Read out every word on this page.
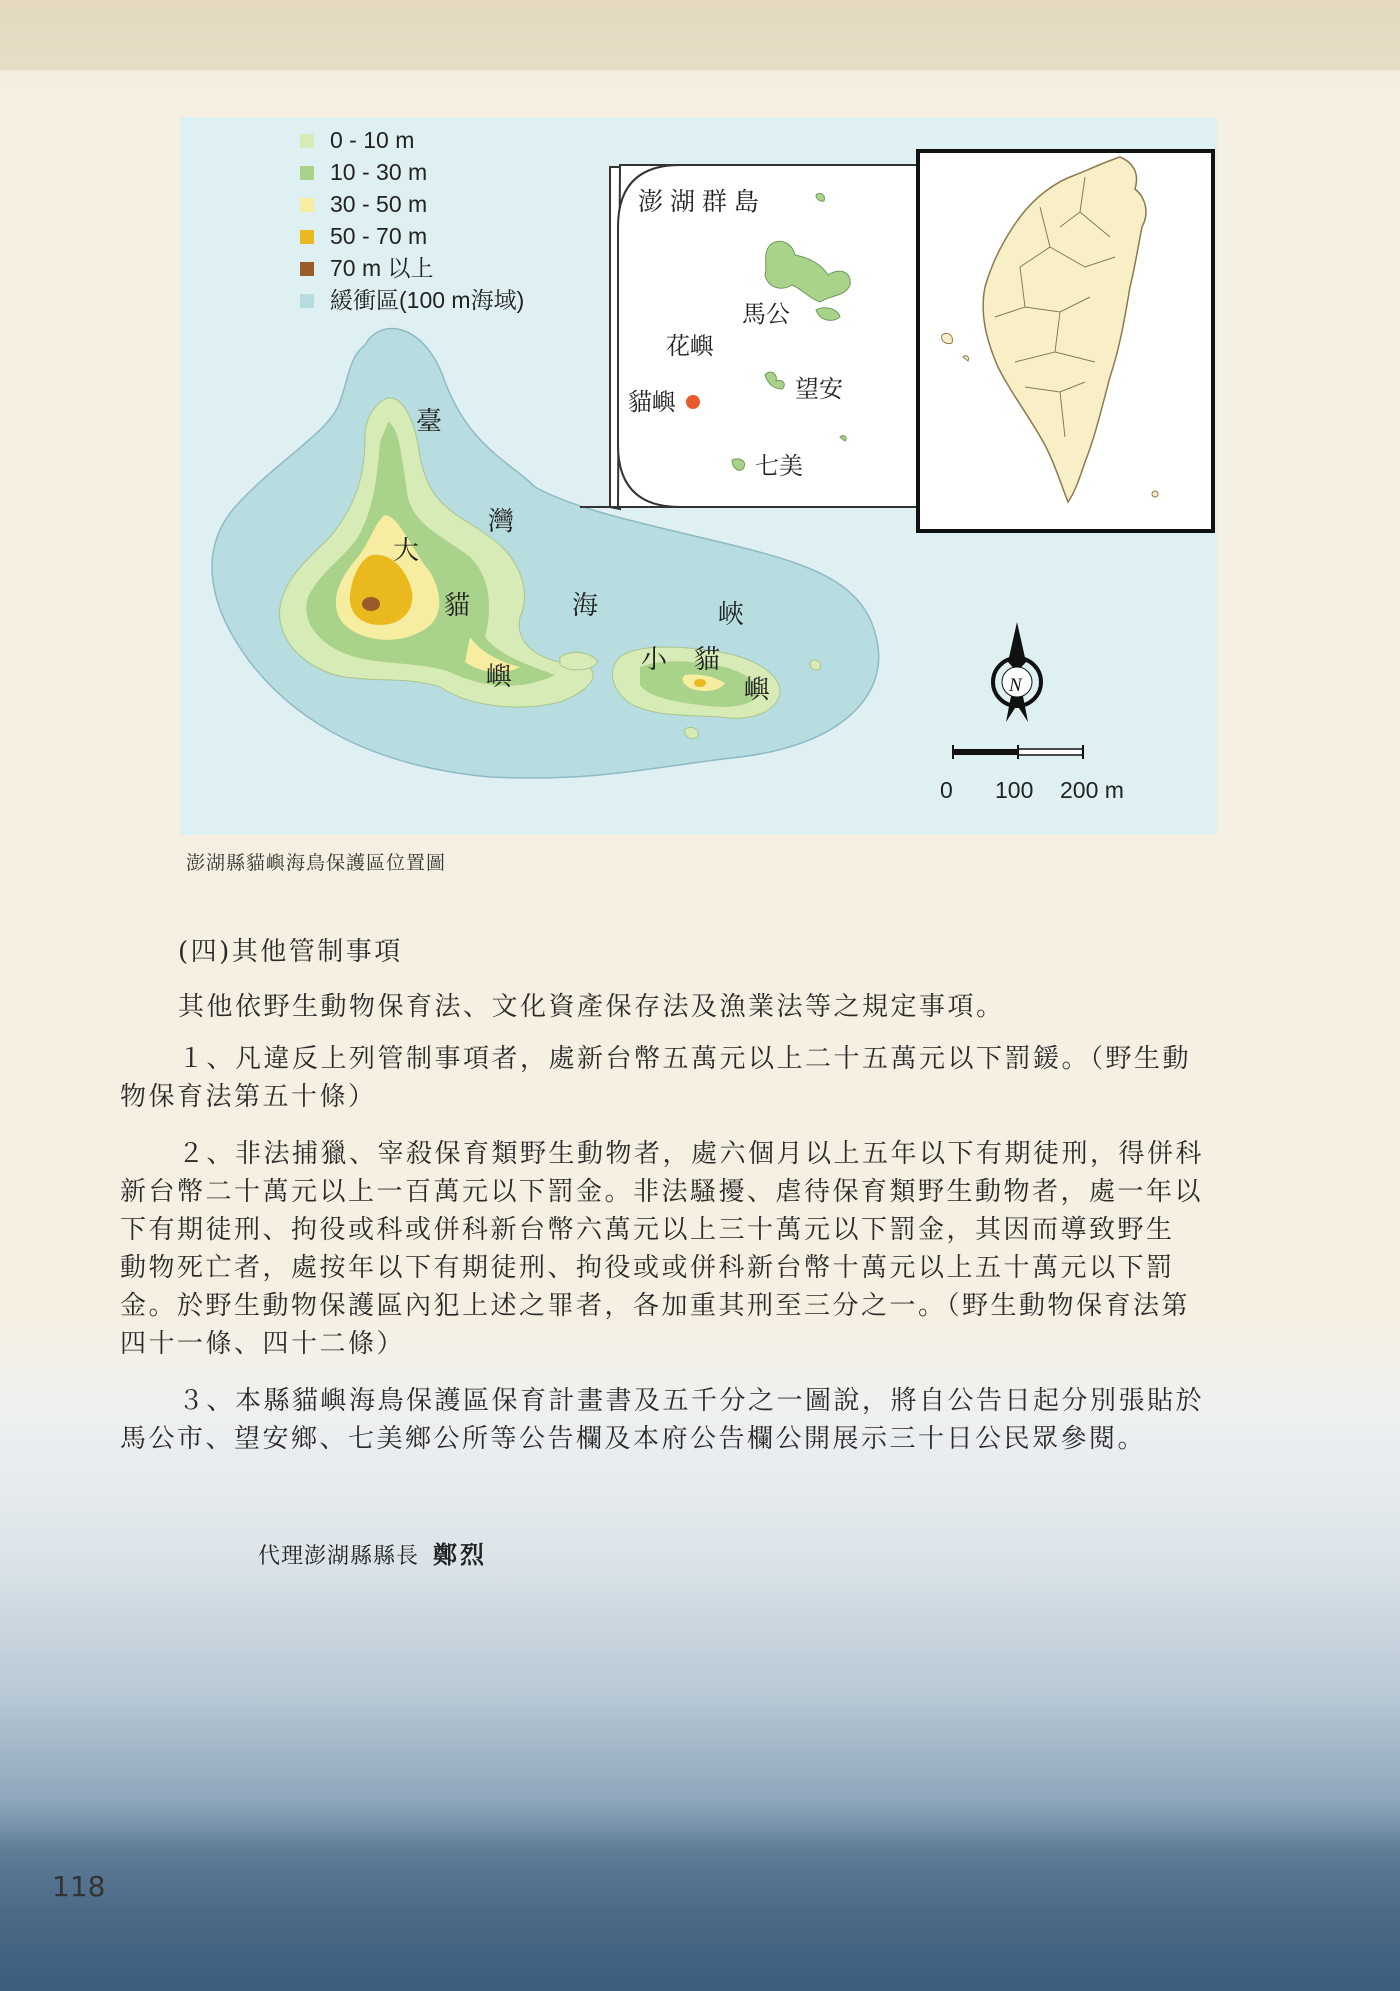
0 - 10 m
10 - 30 m
30 - 50 m
50 - 70 m
70 m 以上
緩衝區(100 m海域)
臺
灣
大
貓	海	峽
嶼
小 貓
嶼
澎 湖 群 島
馬公
花嶼
望安
貓嶼
七美
N
0 100 200 m
澎湖縣貓嶼海鳥保護區位置圖
(四)其他管制事項
其他依野生動物保育法、文化資產保存法及漁業法等之規定事項。
１、凡違反上列管制事項者，處新台幣五萬元以上二十五萬元以下罰鍰。（野生動
物保育法第五十條）
２、非法捕獵、宰殺保育類野生動物者，處六個月以上五年以下有期徒刑，得併科
新台幣二十萬元以上一百萬元以下罰金。非法騷擾、虐待保育類野生動物者，處一年以
下有期徒刑、拘役或科或併科新台幣六萬元以上三十萬元以下罰金，其因而導致野生
動物死亡者，處按年以下有期徒刑、拘役或或併科新台幣十萬元以上五十萬元以下罰
金。於野生動物保護區內犯上述之罪者，各加重其刑至三分之一。（野生動物保育法第
四十一條、四十二條）
３、本縣貓嶼海鳥保護區保育計畫書及五千分之一圖說，將自公告日起分別張貼於
馬公市、望安鄉、七美鄉公所等公告欄及本府公告欄公開展示三十日公民眾參閱。
代理澎湖縣縣長 鄭烈
118
